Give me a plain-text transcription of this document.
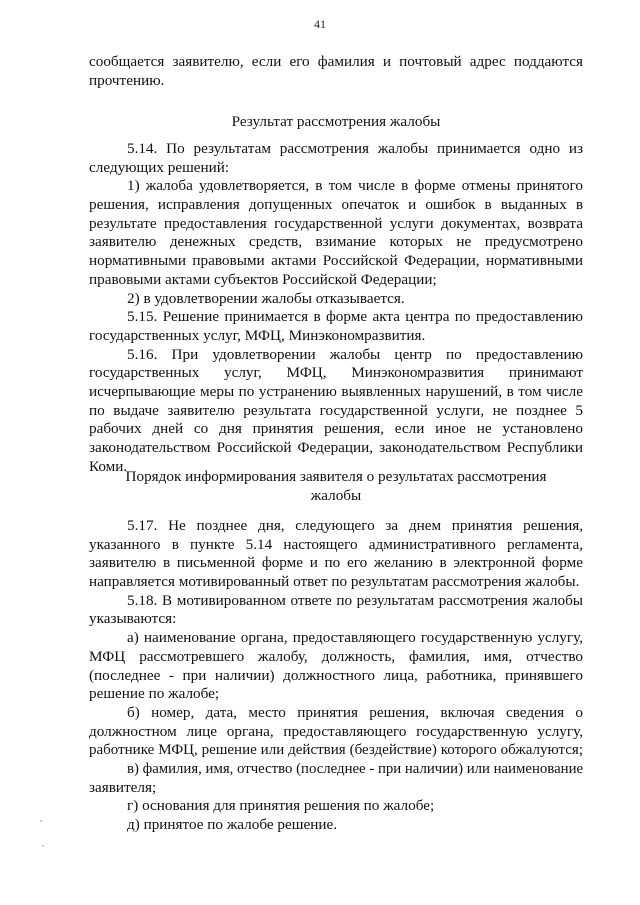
41
сообщается заявителю, если его фамилия и почтовый адрес поддаются
прочтению.
Результат рассмотрения жалобы
5.14. По результатам рассмотрения жалобы принимается одно из
следующих решений:
1) жалоба удовлетворяется, в том числе в форме отмены принятого
решения, исправления допущенных опечаток и ошибок в выданных в
результате предоставления государственной услуги документах, возврата
заявителю денежных средств, взимание которых не предусмотрено
нормативными правовыми актами Российской Федерации, нормативными
правовыми актами субъектов Российской Федерации;
2) в удовлетворении жалобы отказывается.
5.15. Решение принимается в форме акта центра по предоставлению
государственных услуг, МФЦ, Минэкономразвития.
5.16. При удовлетворении жалобы центр по предоставлению
государственных услуг, МФЦ, Минэкономразвития принимают
исчерпывающие меры по устранению выявленных нарушений, в том числе
по выдаче заявителю результата государственной услуги, не позднее 5
рабочих дней со дня принятия решения, если иное не установлено
законодательством Российской Федерации, законодательством Республики
Коми.
Порядок информирования заявителя о результатах рассмотрения
жалобы
5.17. Не позднее дня, следующего за днем принятия решения,
указанного в пункте 5.14 настоящего административного регламента,
заявителю в письменной форме и по его желанию в электронной форме
направляется мотивированный ответ по результатам рассмотрения жалобы.
5.18. В мотивированном ответе по результатам рассмотрения жалобы
указываются:
а) наименование органа, предоставляющего государственную услугу,
МФЦ рассмотревшего жалобу, должность, фамилия, имя, отчество
(последнее - при наличии) должностного лица, работника, принявшего
решение по жалобе;
б) номер, дата, место принятия решения, включая сведения о
должностном лице органа, предоставляющего государственную услугу,
работнике МФЦ, решение или действия (бездействие) которого обжалуются;
в) фамилия, имя, отчество (последнее - при наличии) или наименование
заявителя;
г) основания для принятия решения по жалобе;
д) принятое по жалобе решение.
